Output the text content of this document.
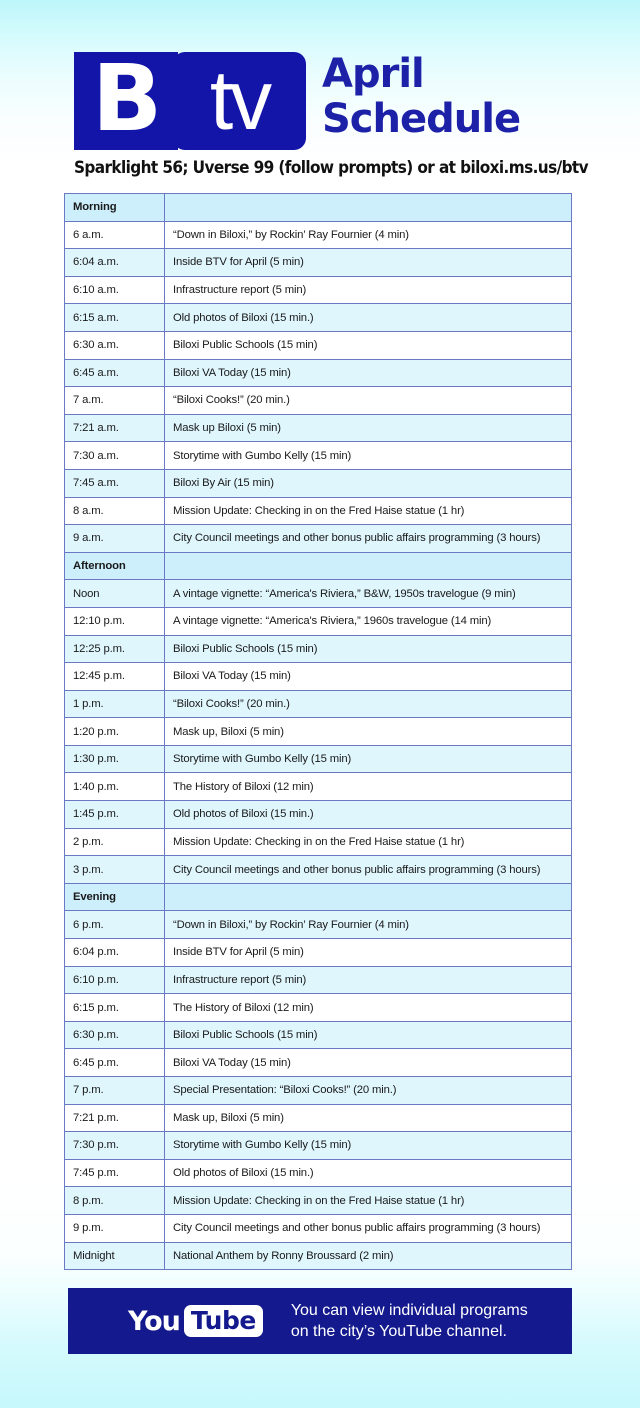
B tv April
Schedule
Sparklight 56; Uverse 99 (follow prompts) or at biloxi.ms.us/btv
Morning	
6 a.m.	“Down in Biloxi,” by Rockin’ Ray Fournier (4 min)
6:04 a.m.	Inside BTV for April (5 min)
6:10 a.m.	Infrastructure report (5 min)
6:15 a.m.	Old photos of Biloxi (15 min.)
6:30 a.m.	Biloxi Public Schools (15 min)
6:45 a.m.	Biloxi VA Today (15 min)
7 a.m.	“Biloxi Cooks!” (20 min.)
7:21 a.m.	Mask up Biloxi (5 min)
7:30 a.m.	Storytime with Gumbo Kelly (15 min)
7:45 a.m.	Biloxi By Air (15 min)
8 a.m.	Mission Update: Checking in on the Fred Haise statue (1 hr)
9 a.m.	City Council meetings and other bonus public affairs programming (3 hours)
Afternoon	
Noon	A vintage vignette: “America's Riviera,” B&W, 1950s travelogue (9 min)
12:10 p.m.	A vintage vignette: “America's Riviera,” 1960s travelogue (14 min)
12:25 p.m.	Biloxi Public Schools (15 min)
12:45 p.m.	Biloxi VA Today (15 min)
1 p.m.	“Biloxi Cooks!” (20 min.)
1:20 p.m.	Mask up, Biloxi (5 min)
1:30 p.m.	Storytime with Gumbo Kelly (15 min)
1:40 p.m.	The History of Biloxi (12 min)
1:45 p.m.	Old photos of Biloxi (15 min.)
2 p.m.	Mission Update: Checking in on the Fred Haise statue (1 hr)
3 p.m.	City Council meetings and other bonus public affairs programming (3 hours)
Evening	
6 p.m.	“Down in Biloxi,” by Rockin’ Ray Fournier (4 min)
6:04 p.m.	Inside BTV for April (5 min)
6:10 p.m.	Infrastructure report (5 min)
6:15 p.m.	The History of Biloxi (12 min)
6:30 p.m.	Biloxi Public Schools (15 min)
6:45 p.m.	Biloxi VA Today (15 min)
7 p.m.	Special Presentation: “Biloxi Cooks!” (20 min.)
7:21 p.m.	Mask up, Biloxi (5 min)
7:30 p.m.	Storytime with Gumbo Kelly (15 min)
7:45 p.m.	Old photos of Biloxi (15 min.)
8 p.m.	Mission Update: Checking in on the Fred Haise statue (1 hr)
9 p.m.	City Council meetings and other bonus public affairs programming (3 hours)
Midnight	National Anthem by Ronny Broussard (2 min)
You Tube	You can view individual programs
on the city’s YouTube channel.
